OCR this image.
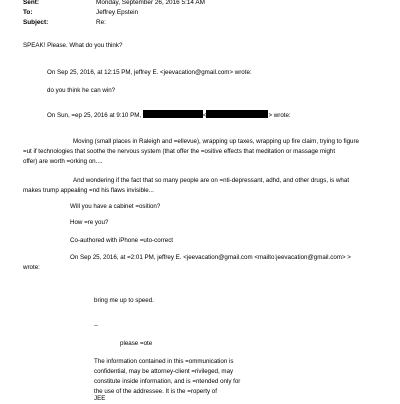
Sent:	Monday, September 26, 2016 5:14 AM
To:	Jeffrey Epstein
Subject:	Re:
SPEAK! Please. What do you think?
On Sep 25, 2016, at 12:15 PM, jeffrey E. <jeevacation@gmail.com> wrote:
do you think he can win?
On Sun, =ep 25, 2016 at 9:10 PM,	<	> wrote:
Moving (small places in Raleigh and =ellevue), wrapping up taxes, wrapping up fire claim, trying to figure
=ut if technologies that soothe the nervous system (that offer the =ositive effects that meditation or massage might
offer) are worth =orking on....
And wondering if the fact that so many people are on =nti-depressant, adhd, and other drugs, is what
makes trump appealing =nd his flaws invisible...
Will you have a cabinet =osition?
How =re you?
Co-authored with iPhone =uto-correct
On Sep 25, 2016, at =2:01 PM, jeffrey E. <jeevacation@gmail.com <mailto:jeevacation@gmail.com> >
wrote:
bring me up to speed.
--
please =ote
The information contained in this =ommunication is
confidential, may be attorney-client =rivileged, may
constitute inside information, and is =ntended only for
the use of the addressee. It is the =roperty of
JEE
